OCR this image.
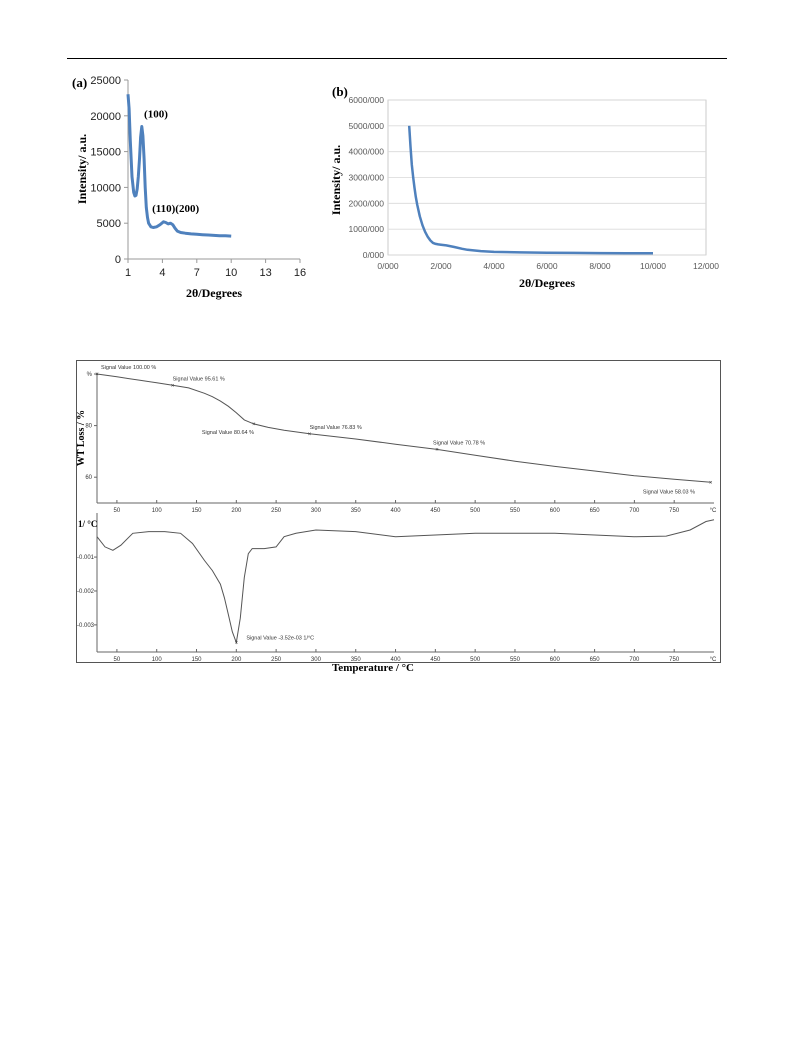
0
5000
10000
15000
20000
25000
1	4	7 10 13 16
(100)
(110)(200)
(a)
2θ/Degrees
Intensity/ a.u.
0/000
1000/000
2000/000
3000/000
4000/000
5000/000
6000/000
0/000	2/000	4/000	6/000	8/000	10/000	12/000
(b)
2θ/Degrees
Intensity/ a.u.
50	100	150	200	250	300	350	400	450	500	550	600	650	700	750	°C
50	100	150	200	250	300	350	400	450	500	550	600	650	700	750	°C
%
80
60
-0.001
-0.002
-0.003
×
Signal Value 100.00 %
×
Signal Value 95.61 %
×
Signal Value 80.64 %	×
Signal Value 76.83 %
×
Signal Value 70.78 %
×
Signal Value 58.03 %
×
Signal Value -3.52e-03 1/°C
WT Loss / %
1/ °C
Temperature / °C
